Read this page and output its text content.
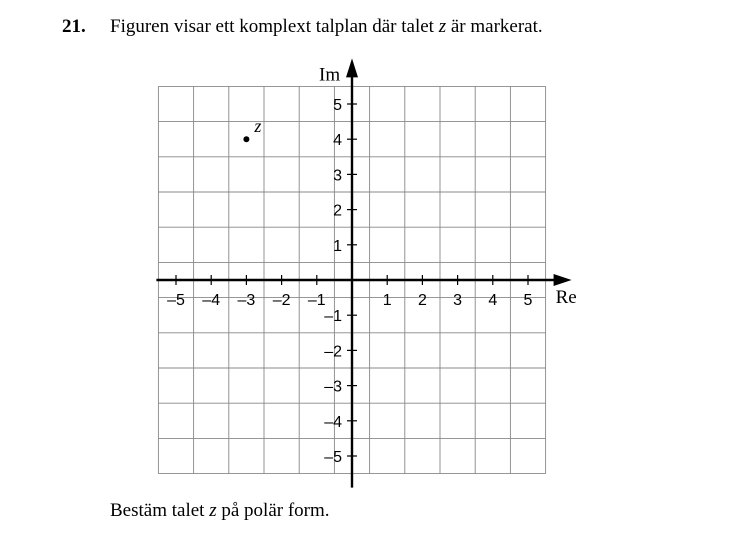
21. Figuren visar ett komplext talplan där talet z är markerat.
Re
Im
–5 –4 –3 –2 –1	1 2 3 4 5
5
4
3
2
1
–1
–2
–3
–4
–5
z
Bestäm talet z på polär form.
